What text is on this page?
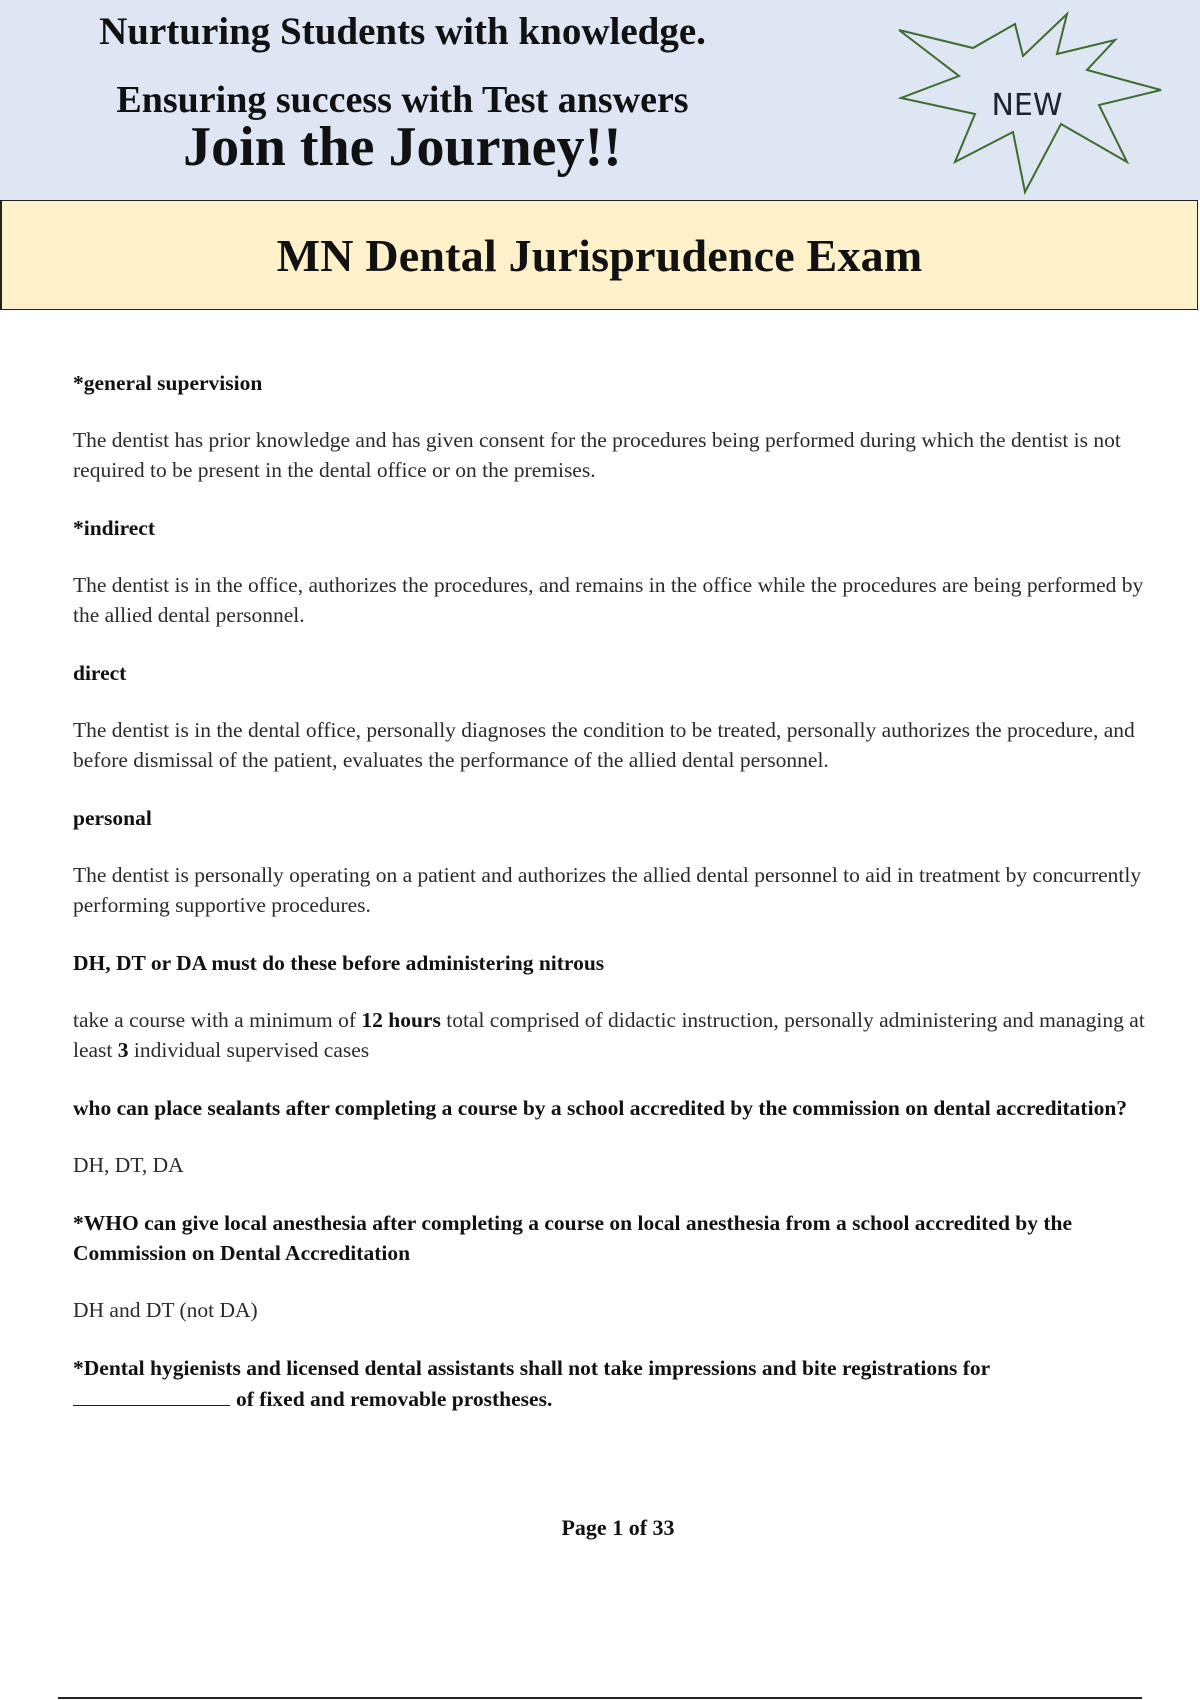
Nurturing Students with knowledge.

Ensuring success with Test answers

Join the Journey!!

NEW
MN Dental Jurisprudence Exam

*general supervision

The dentist has prior knowledge and has given consent for the procedures being performed during which the dentist is not required to be present in the dental office or on the premises.

*indirect

The dentist is in the office, authorizes the procedures, and remains in the office while the procedures are being performed by the allied dental personnel.

direct

The dentist is in the dental office, personally diagnoses the condition to be treated, personally authorizes the procedure, and before dismissal of the patient, evaluates the performance of the allied dental personnel.

personal

The dentist is personally operating on a patient and authorizes the allied dental personnel to aid in treatment by concurrently performing supportive procedures.

DH, DT or DA must do these before administering nitrous

take a course with a minimum of 12 hours total comprised of didactic instruction, personally administering and managing at least 3 individual supervised cases

who can place sealants after completing a course by a school accredited by the commission on dental accreditation?

DH, DT, DA

*WHO can give local anesthesia after completing a course on local anesthesia from a school accredited by the Commission on Dental Accreditation

DH and DT (not DA)

*Dental hygienists and licensed dental assistants shall not take impressions and bite registrations for
of fixed and removable prostheses.

Page 1 of 33
